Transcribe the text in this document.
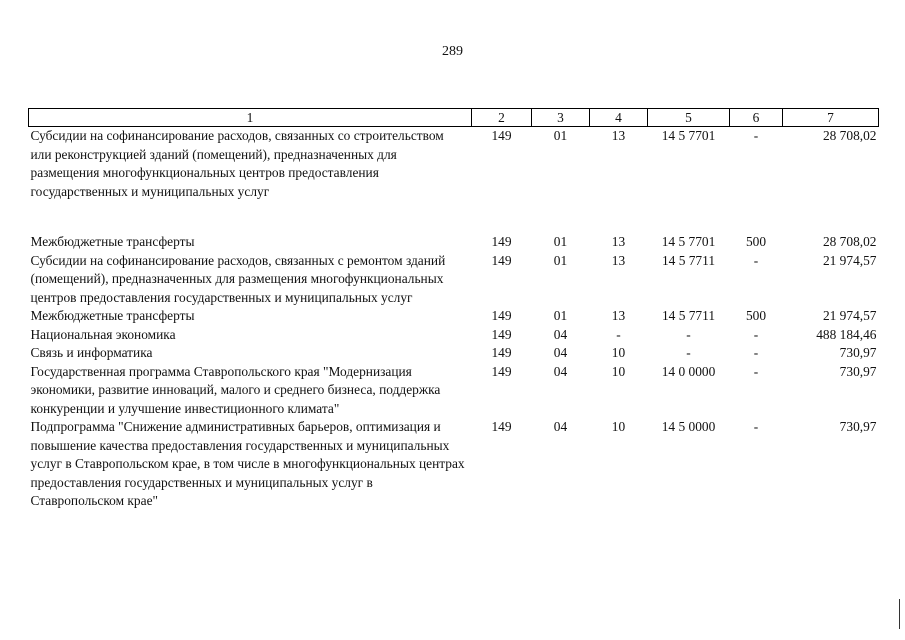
289
1	2	3	4	5	6	7
Субсидии на софинансирование расходов, связанных со строительством или реконструкцией зданий (помещений), предназначенных для размещения многофункциональных центров предоставления государственных и муниципальных услуг	149	01	13	14 5 7701	-	28 708,02
Межбюджетные трансферты	149	01	13	14 5 7701	500	28 708,02
Субсидии на софинансирование расходов, связанных с ремонтом зданий (помещений), предназначенных для размещения многофункциональных центров предоставления государственных и муниципальных услуг	149	01	13	14 5 7711	-	21 974,57
Межбюджетные трансферты	149	01	13	14 5 7711	500	21 974,57
Национальная экономика	149	04	-	-	-	488 184,46
Связь и информатика	149	04	10	-	-	730,97
Государственная программа Ставропольского края "Модернизация экономики, развитие инноваций, малого и среднего бизнеса, поддержка конкуренции и улучшение инвестиционного климата"	149	04	10	14 0 0000	-	730,97
Подпрограмма "Снижение административных барьеров, оптимизация и повышение качества предоставления государственных и муниципальных услуг в Ставропольском крае, в том числе в многофункциональных центрах предоставления государственных и муниципальных услуг в Ставропольском крае"	149	04	10	14 5 0000	-	730,97
